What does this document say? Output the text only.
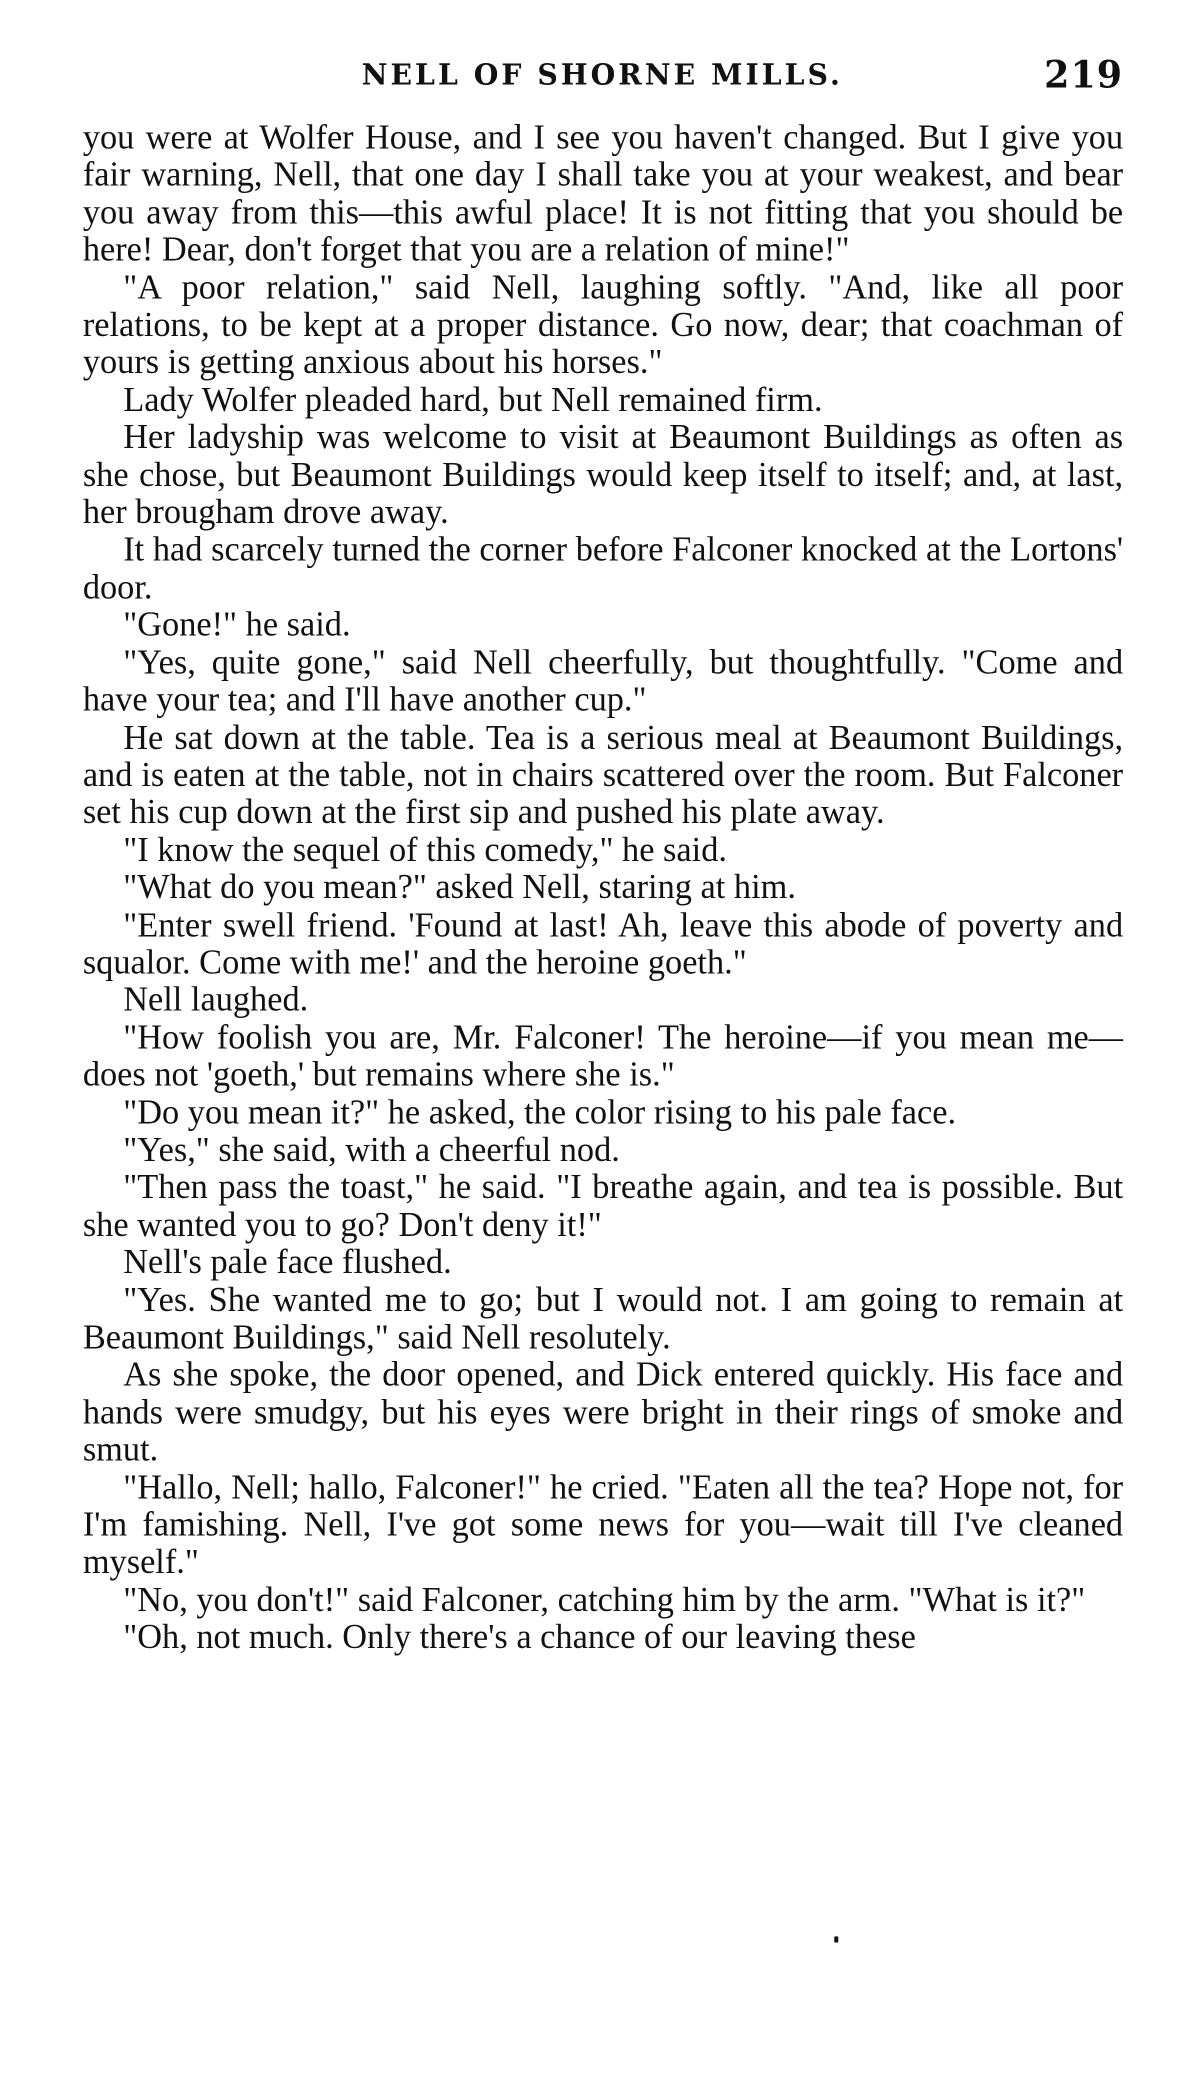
NELL OF SHORNE MILLS.	219

you were at Wolfer House, and I see you haven't changed. But I give you fair warning, Nell, that one day I shall take you at your weakest, and bear you away from this—this awful place! It is not fitting that you should be here! Dear, don't forget that you are a relation of mine!"

"A poor relation," said Nell, laughing softly. "And, like all poor relations, to be kept at a proper distance. Go now, dear; that coachman of yours is getting anxious about his horses."

Lady Wolfer pleaded hard, but Nell remained firm.

Her ladyship was welcome to visit at Beaumont Buildings as often as she chose, but Beaumont Buildings would keep itself to itself; and, at last, her brougham drove away.

It had scarcely turned the corner before Falconer knocked at the Lortons' door.

"Gone!" he said.

"Yes, quite gone," said Nell cheerfully, but thoughtfully. "Come and have your tea; and I'll have another cup."

He sat down at the table. Tea is a serious meal at Beaumont Buildings, and is eaten at the table, not in chairs scattered over the room. But Falconer set his cup down at the first sip and pushed his plate away.

"I know the sequel of this comedy," he said.

"What do you mean?" asked Nell, staring at him.

"Enter swell friend. 'Found at last! Ah, leave this abode of poverty and squalor. Come with me!' and the heroine goeth."

Nell laughed.

"How foolish you are, Mr. Falconer! The heroine—if you mean me—does not 'goeth,' but remains where she is."

"Do you mean it?" he asked, the color rising to his pale face.

"Yes," she said, with a cheerful nod.

"Then pass the toast," he said. "I breathe again, and tea is possible. But she wanted you to go? Don't deny it!"

Nell's pale face flushed.

"Yes. She wanted me to go; but I would not. I am going to remain at Beaumont Buildings," said Nell resolutely.

As she spoke, the door opened, and Dick entered quickly. His face and hands were smudgy, but his eyes were bright in their rings of smoke and smut.

"Hallo, Nell; hallo, Falconer!" he cried. "Eaten all the tea? Hope not, for I'm famishing. Nell, I've got some news for you—wait till I've cleaned myself."

"No, you don't!" said Falconer, catching him by the arm. "What is it?"

"Oh, not much. Only there's a chance of our leaving these
